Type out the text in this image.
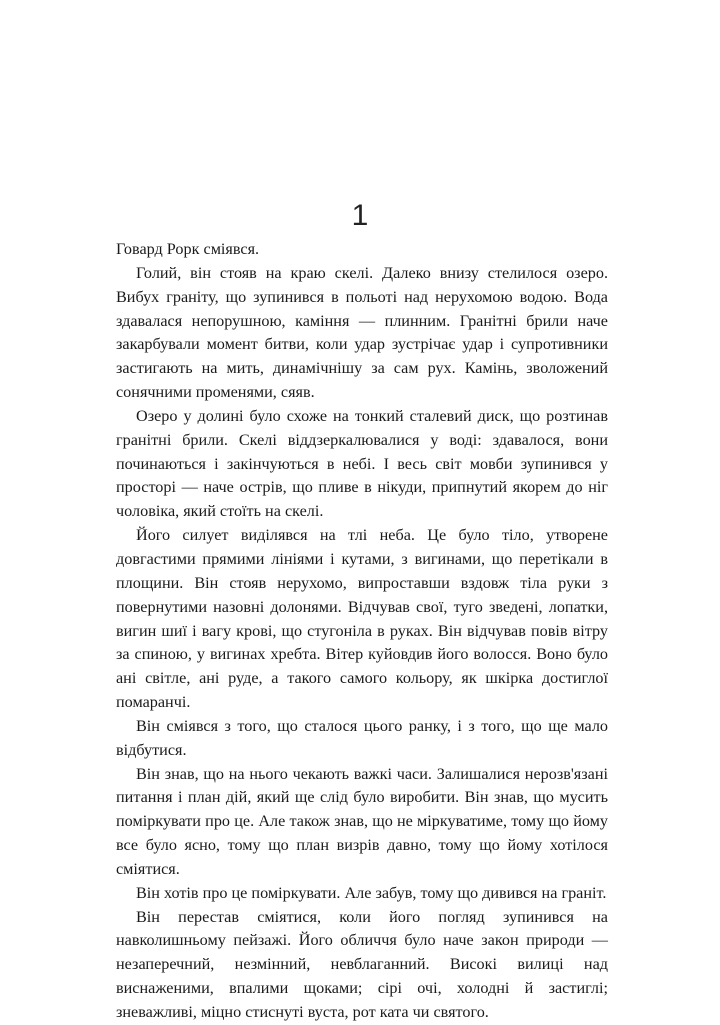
1

Говард Рорк сміявся.

Голий, він стояв на краю скелі. Далеко внизу стелилося озеро. Вибух граніту, що зупинився в польоті над нерухомою водою. Вода здавалася непорушною, каміння — плинним. Гранітні брили наче закарбували момент битви, коли удар зустрічає удар і супротивники застигають на мить, динамічнішу за сам рух. Камінь, зволожений сонячними променями, сяяв.

Озеро у долині було схоже на тонкий сталевий диск, що розтинав гранітні брили. Скелі віддзеркалювалися у воді: здавалося, вони починаються і закінчуються в небі. І весь світ мовби зупинився у просторі — наче острів, що пливе в нікуди, припнутий якорем до ніг чоловіка, який стоїть на скелі.

Його силует виділявся на тлі неба. Це було тіло, утворене довгастими прямими лініями і кутами, з вигинами, що перетікали в площини. Він стояв нерухомо, випроставши вздовж тіла руки з повернутими назовні долонями. Відчував свої, туго зведені, лопатки, вигин шиї і вагу крові, що стугоніла в руках. Він відчував повів вітру за спиною, у вигинах хребта. Вітер куйовдив його волосся. Воно було ані світле, ані руде, а такого самого кольору, як шкірка достиглої помаранчі.

Він сміявся з того, що сталося цього ранку, і з того, що ще мало відбутися.

Він знав, що на нього чекають важкі часи. Залишалися нерозв'язані питання і план дій, який ще слід було виробити. Він знав, що мусить поміркувати про це. Але також знав, що не міркуватиме, тому що йому все було ясно, тому що план визрів давно, тому що йому хотілося сміятися.

Він хотів про це поміркувати. Але забув, тому що дивився на граніт.

Він перестав сміятися, коли його погляд зупинився на навколишньому пейзажі. Його обличчя було наче закон природи — незаперечний, незмінний, невблаганний. Високі вилиці над виснаженими, впалими щоками; сірі очі, холодні й застиглі; зневажливі, міцно стиснуті вуста, рот ката чи святого.
